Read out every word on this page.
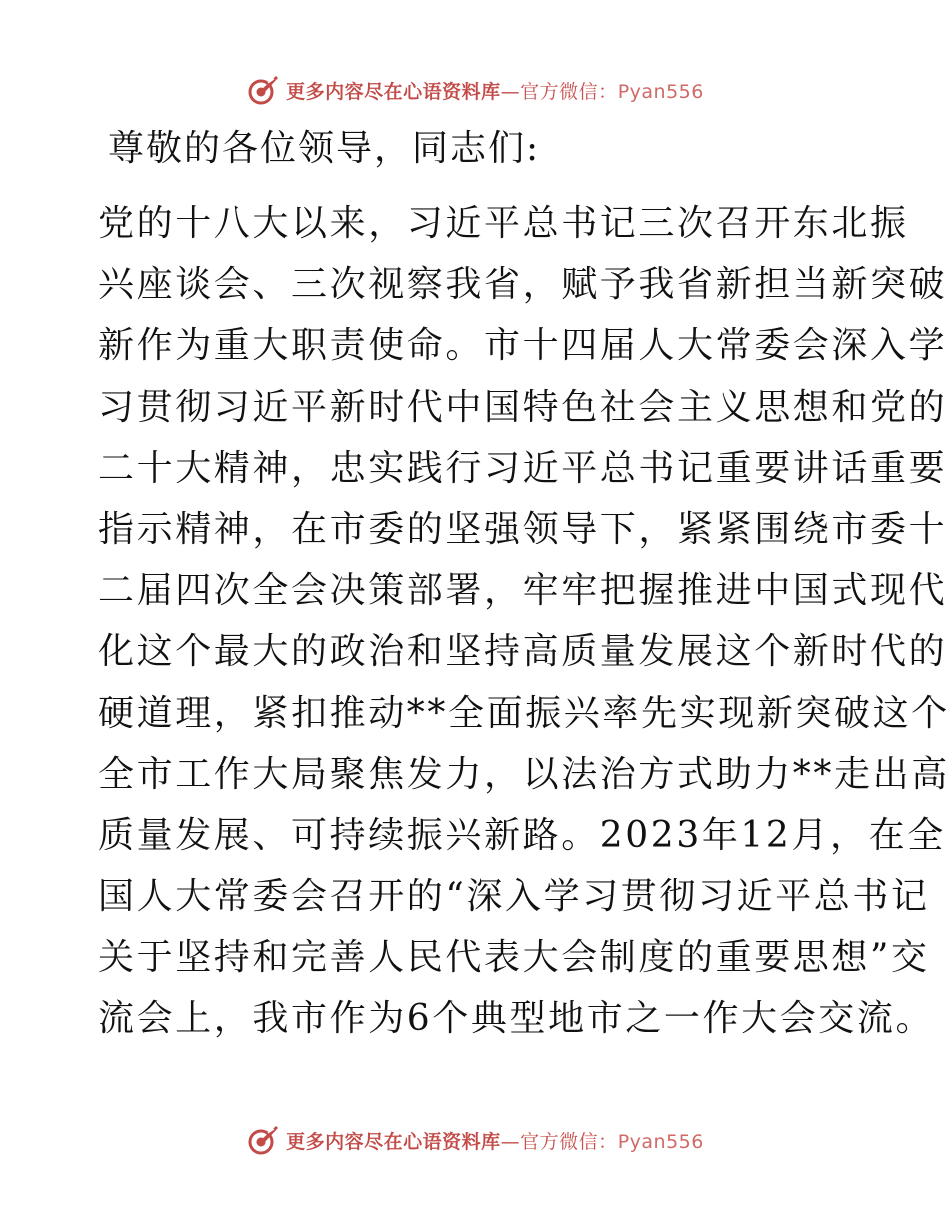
更多内容尽在心语资料库—官方微信：Pyan556
尊敬的各位领导，同志们:
党的十八大以来，习近平总书记三次召开东北振
兴座谈会、三次视察我省，赋予我省新担当新突破
新作为重大职责使命。市十四届人大常委会深入学
习贯彻习近平新时代中国特色社会主义思想和党的
二十大精神，忠实践行习近平总书记重要讲话重要
指示精神，在市委的坚强领导下，紧紧围绕市委十
二届四次全会决策部署，牢牢把握推进中国式现代
化这个最大的政治和坚持高质量发展这个新时代的
硬道理，紧扣推动**全面振兴率先实现新突破这个
全市工作大局聚焦发力，以法治方式助力**走出高
质量发展、可持续振兴新路。2023年12月，在全
国人大常委会召开的“深入学习贯彻习近平总书记
关于坚持和完善人民代表大会制度的重要思想”交
流会上，我市作为6个典型地市之一作大会交流。
更多内容尽在心语资料库—官方微信：Pyan556
